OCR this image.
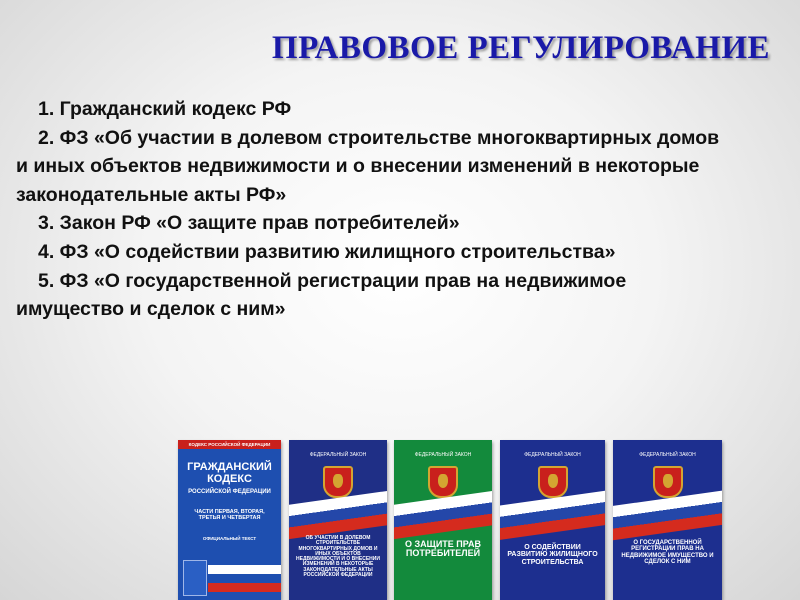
ПРАВОВОЕ РЕГУЛИРОВАНИЕ
1. Гражданский кодекс РФ
2. ФЗ «Об участии в долевом строительстве многоквартирных домов и иных объектов недвижимости и о внесении изменений в некоторые законодательные акты РФ»
3. Закон РФ «О защите прав потребителей»
4. ФЗ «О содействии развитию жилищного строительства»
5. ФЗ «О государственной регистрации прав на недвижимое имущество и сделок с ним»
КОДЕКС РОССИЙСКОЙ ФЕДЕРАЦИИ
ГРАЖДАНСКИЙ КОДЕКС
РОССИЙСКОЙ ФЕДЕРАЦИИ
ЧАСТИ ПЕРВАЯ, ВТОРАЯ, ТРЕТЬЯ И ЧЕТВЕРТАЯ
ОФИЦИАЛЬНЫЙ ТЕКСТ
ФЕДЕРАЛЬНЫЙ ЗАКОН
ОБ УЧАСТИИ В ДОЛЕВОМ СТРОИТЕЛЬСТВЕ МНОГОКВАРТИРНЫХ ДОМОВ И ИНЫХ ОБЪЕКТОВ НЕДВИЖИМОСТИ И О ВНЕСЕНИИ ИЗМЕНЕНИЙ В НЕКОТОРЫЕ ЗАКОНОДАТЕЛЬНЫЕ АКТЫ РОССИЙСКОЙ ФЕДЕРАЦИИ
ФЕДЕРАЛЬНЫЙ ЗАКОН
О ЗАЩИТЕ ПРАВ ПОТРЕБИТЕЛЕЙ
ФЕДЕРАЛЬНЫЙ ЗАКОН
О СОДЕЙСТВИИ РАЗВИТИЮ ЖИЛИЩНОГО СТРОИТЕЛЬСТВА
ФЕДЕРАЛЬНЫЙ ЗАКОН
О ГОСУДАРСТВЕННОЙ РЕГИСТРАЦИИ ПРАВ НА НЕДВИЖИМОЕ ИМУЩЕСТВО И СДЕЛОК С НИМ
